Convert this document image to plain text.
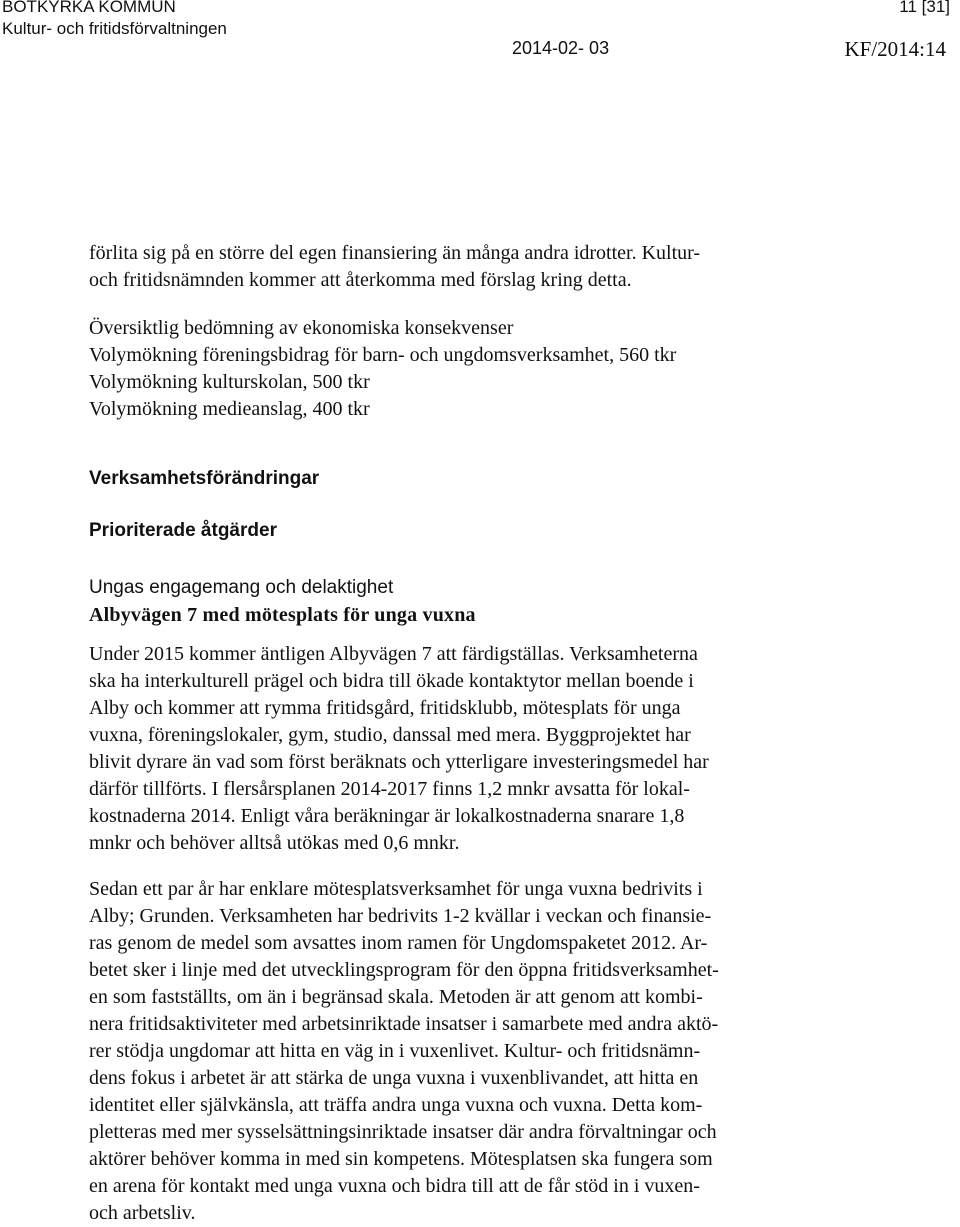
BOTKYRKA KOMMUN
Kultur- och fritidsförvaltningen
11 [31]
2014-02- 03	KF/2014:14
förlita sig på en större del egen finansiering än många andra idrotter. Kultur-
och fritidsnämnden kommer att återkomma med förslag kring detta.
Översiktlig bedömning av ekonomiska konsekvenser
Volymökning föreningsbidrag för barn- och ungdomsverksamhet, 560 tkr
Volymökning kulturskolan, 500 tkr
Volymökning medieanslag, 400 tkr
Verksamhetsförändringar
Prioriterade åtgärder
Ungas engagemang och delaktighet
Albyvägen 7 med mötesplats för unga vuxna
Under 2015 kommer äntligen Albyvägen 7 att färdigställas. Verksamheterna
ska ha interkulturell prägel och bidra till ökade kontaktytor mellan boende i
Alby och kommer att rymma fritidsgård, fritidsklubb, mötesplats för unga
vuxna, föreningslokaler, gym, studio, danssal med mera. Byggprojektet har
blivit dyrare än vad som först beräknats och ytterligare investeringsmedel har
därför tillförts. I flersårsplanen 2014-2017 finns 1,2 mnkr avsatta för lokal-
kostnaderna 2014. Enligt våra beräkningar är lokalkostnaderna snarare 1,8
mnkr och behöver alltså utökas med 0,6 mnkr.
Sedan ett par år har enklare mötesplatsverksamhet för unga vuxna bedrivits i
Alby; Grunden. Verksamheten har bedrivits 1-2 kvällar i veckan och finansie-
ras genom de medel som avsattes inom ramen för Ungdomspaketet 2012. Ar-
betet sker i linje med det utvecklingsprogram för den öppna fritidsverksamhet-
en som fastställts, om än i begränsad skala. Metoden är att genom att kombi-
nera fritidsaktiviteter med arbetsinriktade insatser i samarbete med andra aktö-
rer stödja ungdomar att hitta en väg in i vuxenlivet. Kultur- och fritidsnämn-
dens fokus i arbetet är att stärka de unga vuxna i vuxenblivandet, att hitta en
identitet eller självkänsla, att träffa andra unga vuxna och vuxna. Detta kom-
pletteras med mer sysselsättningsinriktade insatser där andra förvaltningar och
aktörer behöver komma in med sin kompetens. Mötesplatsen ska fungera som
en arena för kontakt med unga vuxna och bidra till att de får stöd in i vuxen-
och arbetsliv.
